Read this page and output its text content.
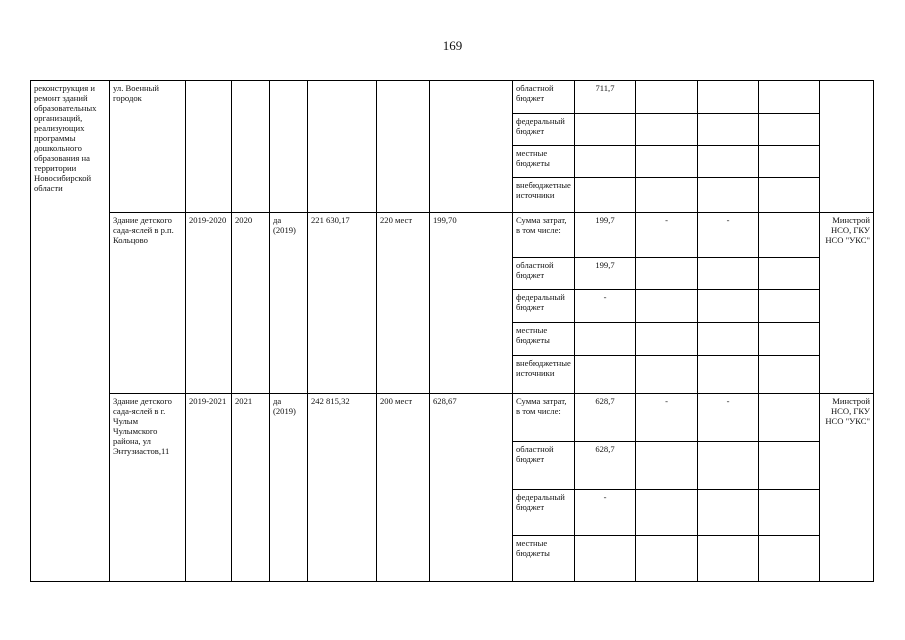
169
реконструкция и ремонт зданий образовательных организаций, реализующих программы дошкольного образования на территории Новосибирской области	ул. Военный городок							областной бюджет	711,7				
								федеральный бюджет					
								местные бюджеты					
								внебюджетные источники					
	Здание детского сада-яслей в р.п. Кольцово	2019-2020	2020	да (2019)	221 630,17	220 мест	199,70	Сумма затрат, в том числе:	199,7	-	-		Минстрой НСО, ГКУ НСО "УКС"
								областной бюджет	199,7				
								федеральный бюджет	-				
								местные бюджеты					
								внебюджетные источники					
	Здание детского сада-яслей в г. Чулым Чулымского района, ул Энтузиастов,11	2019-2021	2021	да (2019)	242 815,32	200 мест	628,67	Сумма затрат, в том числе:	628,7	-	-		Минстрой НСО, ГКУ НСО "УКС"
								областной бюджет	628,7				
								федеральный бюджет	-				
								местные бюджеты					
